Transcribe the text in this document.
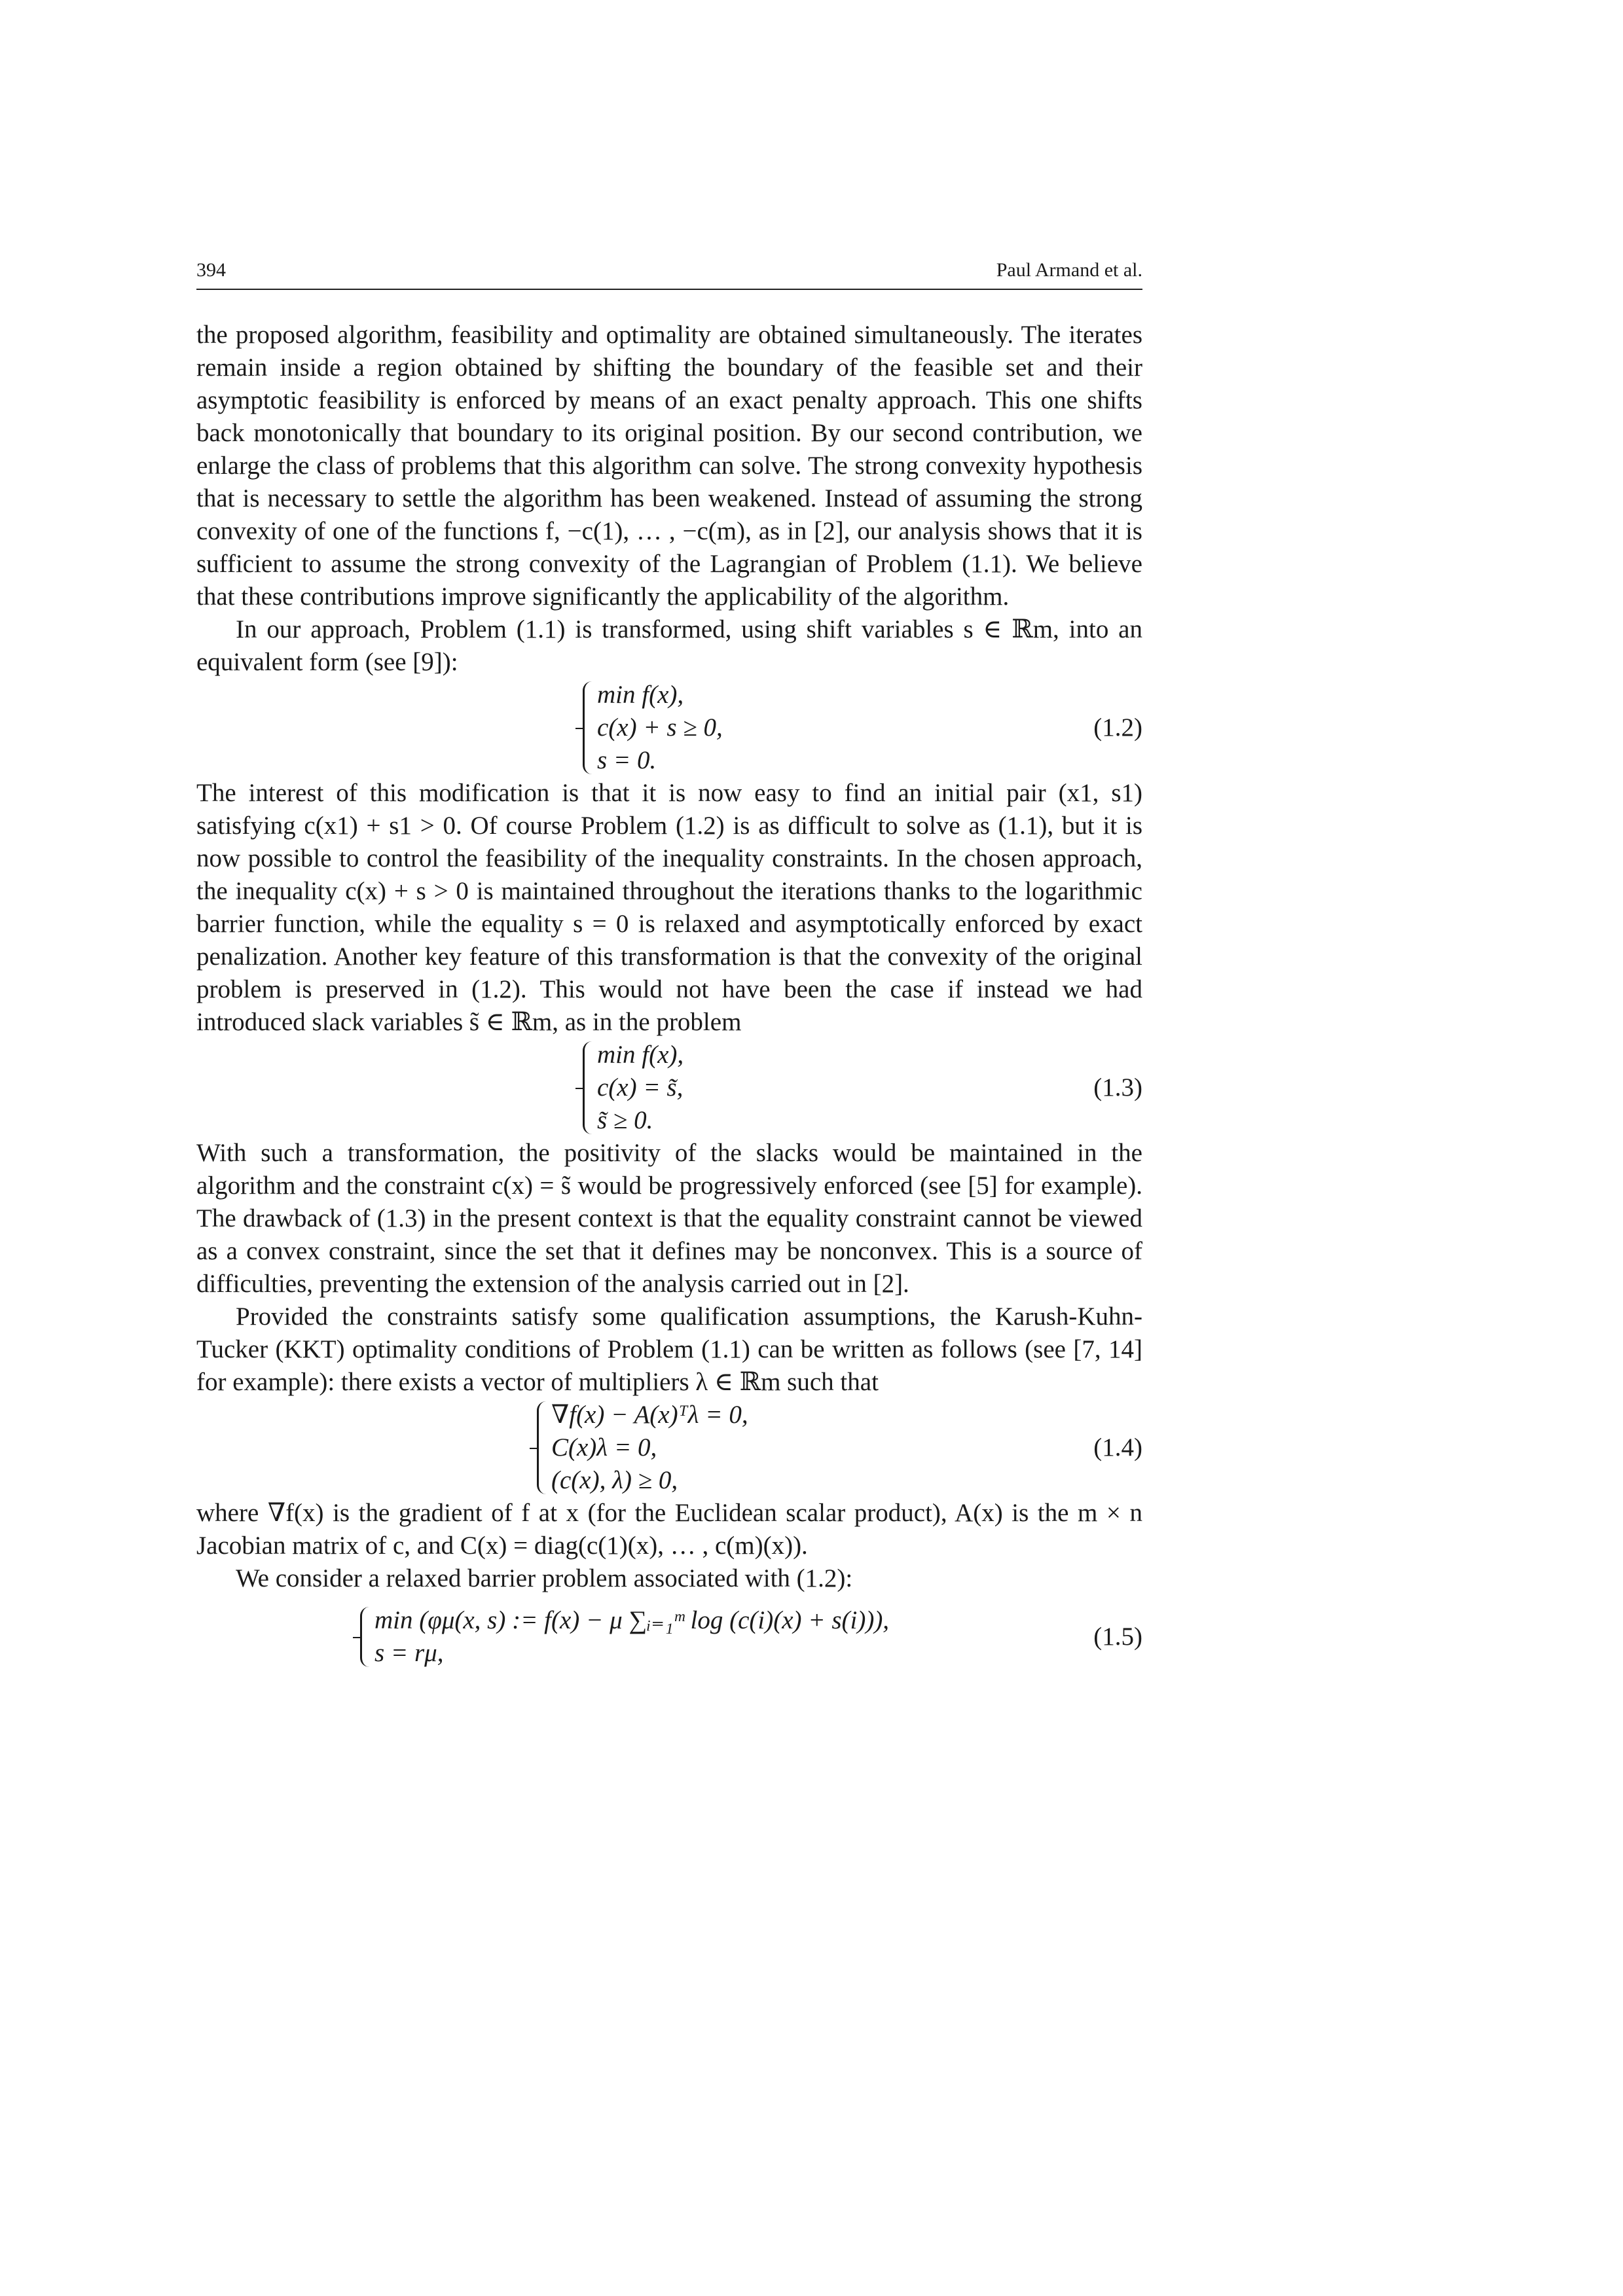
394	Paul Armand et al.

the proposed algorithm, feasibility and optimality are obtained simultaneously. The iterates remain inside a region obtained by shifting the boundary of the feasible set and their asymptotic feasibility is enforced by means of an exact penalty approach. This one shifts back monotonically that boundary to its original position. By our second contribution, we enlarge the class of problems that this algorithm can solve. The strong convexity hypothesis that is necessary to settle the algorithm has been weakened. Instead of assuming the strong convexity of one of the functions f, −c(1), … , −c(m), as in [2], our analysis shows that it is sufficient to assume the strong convexity of the Lagrangian of Problem (1.1). We believe that these contributions improve significantly the applicability of the algorithm.

In our approach, Problem (1.1) is transformed, using shift variables s ∈ ℝm, into an equivalent form (see [9]):

min f(x),
c(x) + s ≥ 0,
s = 0.
(1.2)

The interest of this modification is that it is now easy to find an initial pair (x1, s1) satisfying c(x1) + s1 > 0. Of course Problem (1.2) is as difficult to solve as (1.1), but it is now possible to control the feasibility of the inequality constraints. In the chosen approach, the inequality c(x) + s > 0 is maintained throughout the iterations thanks to the logarithmic barrier function, while the equality s = 0 is relaxed and asymptotically enforced by exact penalization. Another key feature of this transformation is that the convexity of the original problem is preserved in (1.2). This would not have been the case if instead we had introduced slack variables s̃ ∈ ℝm, as in the problem

min f(x),
c(x) = s̃,
s̃ ≥ 0.
(1.3)

With such a transformation, the positivity of the slacks would be maintained in the algorithm and the constraint c(x) = s̃ would be progressively enforced (see [5] for example). The drawback of (1.3) in the present context is that the equality constraint cannot be viewed as a convex constraint, since the set that it defines may be nonconvex. This is a source of difficulties, preventing the extension of the analysis carried out in [2].

Provided the constraints satisfy some qualification assumptions, the Karush-Kuhn-Tucker (KKT) optimality conditions of Problem (1.1) can be written as follows (see [7, 14] for example): there exists a vector of multipliers λ ∈ ℝm such that

∇f(x) − A(x)ᵀλ = 0,
C(x)λ = 0,
(c(x), λ) ≥ 0,
(1.4)

where ∇f(x) is the gradient of f at x (for the Euclidean scalar product), A(x) is the m × n Jacobian matrix of c, and C(x) = diag(c(1)(x), … , c(m)(x)).

We consider a relaxed barrier problem associated with (1.2):

min (φμ(x, s) := f(x) − μ ∑ᵢ₌₁ᵐ log (c(i)(x) + s(i))),
s = rμ,
(1.5)
